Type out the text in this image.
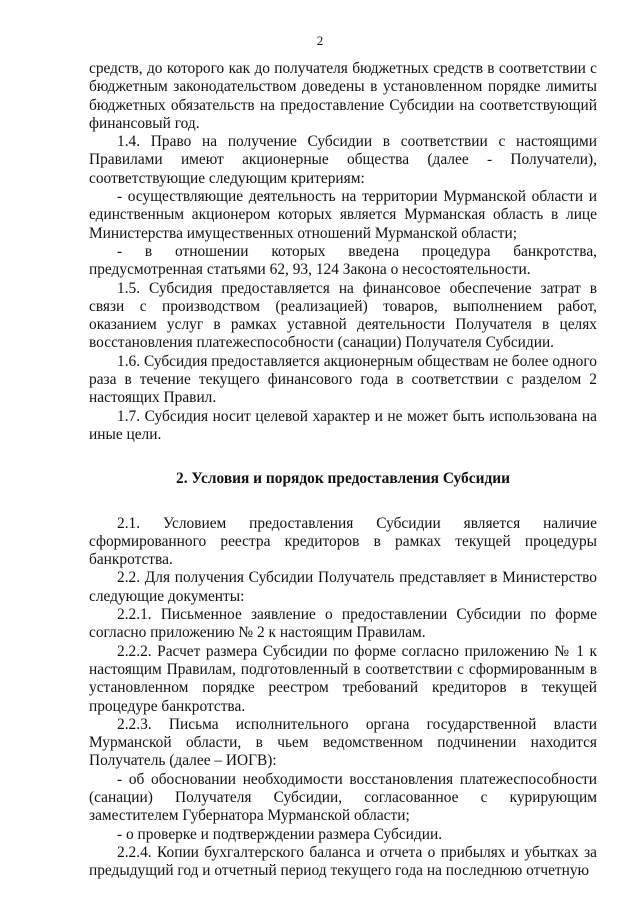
2

средств, до которого как до получателя бюджетных средств в соответствии с бюджетным законодательством доведены в установленном порядке лимиты бюджетных обязательств на предоставление Субсидии на соответствующий финансовый год.

1.4. Право на получение Субсидии в соответствии с настоящими Правилами имеют акционерные общества (далее - Получатели), соответствующие следующим критериям:

- осуществляющие деятельность на территории Мурманской области и единственным акционером которых является Мурманская область в лице Министерства имущественных отношений Мурманской области;

- в отношении которых введена процедура банкротства, предусмотренная статьями 62, 93, 124 Закона о несостоятельности.

1.5. Субсидия предоставляется на финансовое обеспечение затрат в связи с производством (реализацией) товаров, выполнением работ, оказанием услуг в рамках уставной деятельности Получателя в целях восстановления платежеспособности (санации) Получателя Субсидии.

1.6. Субсидия предоставляется акционерным обществам не более одного раза в течение текущего финансового года в соответствии с разделом 2 настоящих Правил.

1.7. Субсидия носит целевой характер и не может быть использована на иные цели.

2. Условия и порядок предоставления Субсидии

2.1. Условием предоставления Субсидии является наличие сформированного реестра кредиторов в рамках текущей процедуры банкротства.

2.2. Для получения Субсидии Получатель представляет в Министерство следующие документы:

2.2.1. Письменное заявление о предоставлении Субсидии по форме согласно приложению № 2 к настоящим Правилам.

2.2.2. Расчет размера Субсидии по форме согласно приложению № 1 к настоящим Правилам, подготовленный в соответствии с сформированным в установленном порядке реестром требований кредиторов в текущей процедуре банкротства.

2.2.3. Письма исполнительного органа государственной власти Мурманской области, в чьем ведомственном подчинении находится Получатель (далее – ИОГВ):

- об обосновании необходимости восстановления платежеспособности (санации) Получателя Субсидии, согласованное с курирующим заместителем Губернатора Мурманской области;

- о проверке и подтверждении размера Субсидии.

2.2.4. Копии бухгалтерского баланса и отчета о прибылях и убытках за предыдущий год и отчетный период текущего года на последнюю отчетную
